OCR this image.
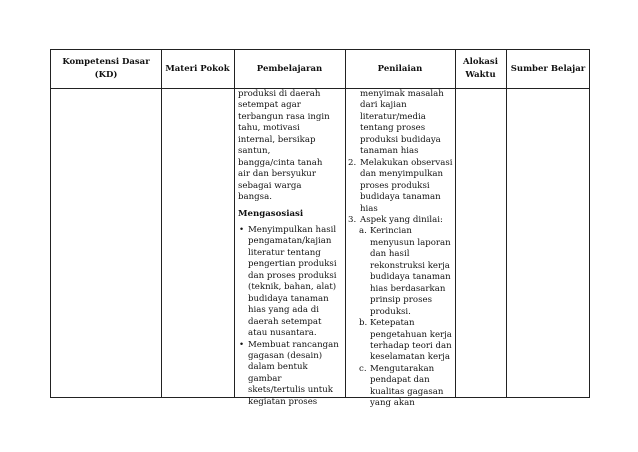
Kompetensi Dasar
(KD)
Materi Pokok	Pembelajaran	Penilaian
Alokasi
Waktu
Sumber Belajar
produksi di daerah
setempat agar
terbangun rasa ingin
tahu, motivasi
internal, bersikap
santun,
bangga/cinta tanah
air dan bersyukur
sebagai warga
bangsa.
Mengasosiasi
• Menyimpulkan hasil
pengamatan/kajian
literatur tentang
pengertian produksi
dan proses produksi
(teknik, bahan, alat)
budidaya tanaman
hias yang ada di
daerah setempat
atau nusantara.
• Membuat rancangan
gagasan (desain)
dalam bentuk
gambar
skets/tertulis untuk
kegiatan proses
menyimak masalah
dari kajian
literatur/media
tentang proses
produksi budidaya
tanaman hias
2. Melakukan observasi
dan menyimpulkan
proses produksi
budidaya tanaman
hias
3. Aspek yang dinilai:
a. Kerincian
menyusun laporan
dan hasil
rekonstruksi kerja
budidaya tanaman
hias berdasarkan
prinsip proses
produksi.
b. Ketepatan
pengetahuan kerja
terhadap teori dan
keselamatan kerja
c. Mengutarakan
pendapat dan
kualitas gagasan
yang akan
